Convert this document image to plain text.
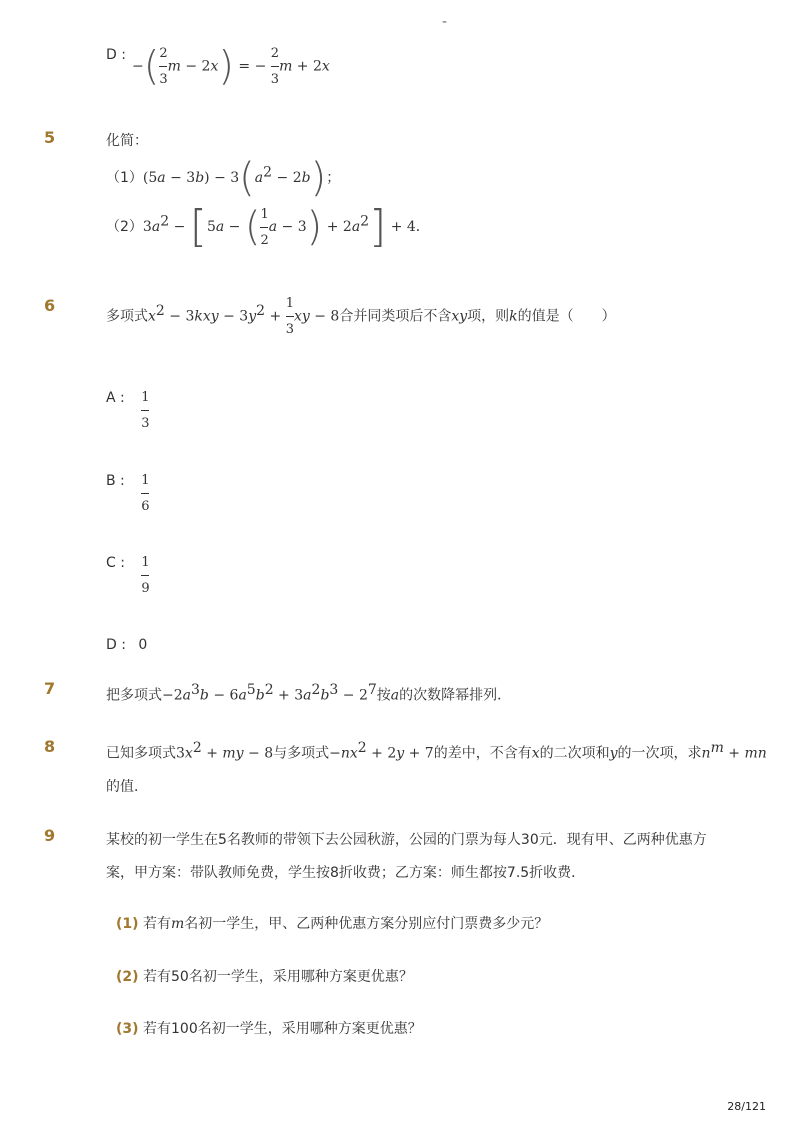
-
D :
−( $\frac{2}{3}$ m − 2x) = − $\frac{2}{3}$ m + 2x
5	化简：
$(1)(5a - 3b) - 3(a^2 - 2b)$；
$(2)3a^2 - [5a$ − ( $\frac{1}{2}$ $a - 3) + 2a^2] + 4$．
6
多项式$x^2 - 3kxy - 3y^2 + \frac{1}{3}$ xy − 8合并同类项后不含xy项，则k的值是（　　）
A : $\frac{1}{3}$
B : $\frac{1}{6}$
C : $\frac{1}{9}$
D : 0
7	把多项式$-2a^3b - 6a^5b^2 + 3a^2b^3 - 2^7$按a的次数降幂排列．
8	已知多项式$3x^2$ + my − 8与多项式$-nx^2 + 2y + 7$的差中，不含有x的二次项和y的一次项，求$n^m$ + mn
的值．
9	某校的初一学生在5名教师的带领下去公园秋游，公园的门票为每人30元．现有甲、乙两种优惠方
案，甲方案：带队教师免费，学生按8折收费；乙方案：师生都按7.5折收费．
(1) 若有m名初一学生，甲、乙两种优惠方案分别应付门票费多少元？
(2) 若有50名初一学生，采用哪种方案更优惠？
(3) 若有100名初一学生，采用哪种方案更优惠？
28/121
